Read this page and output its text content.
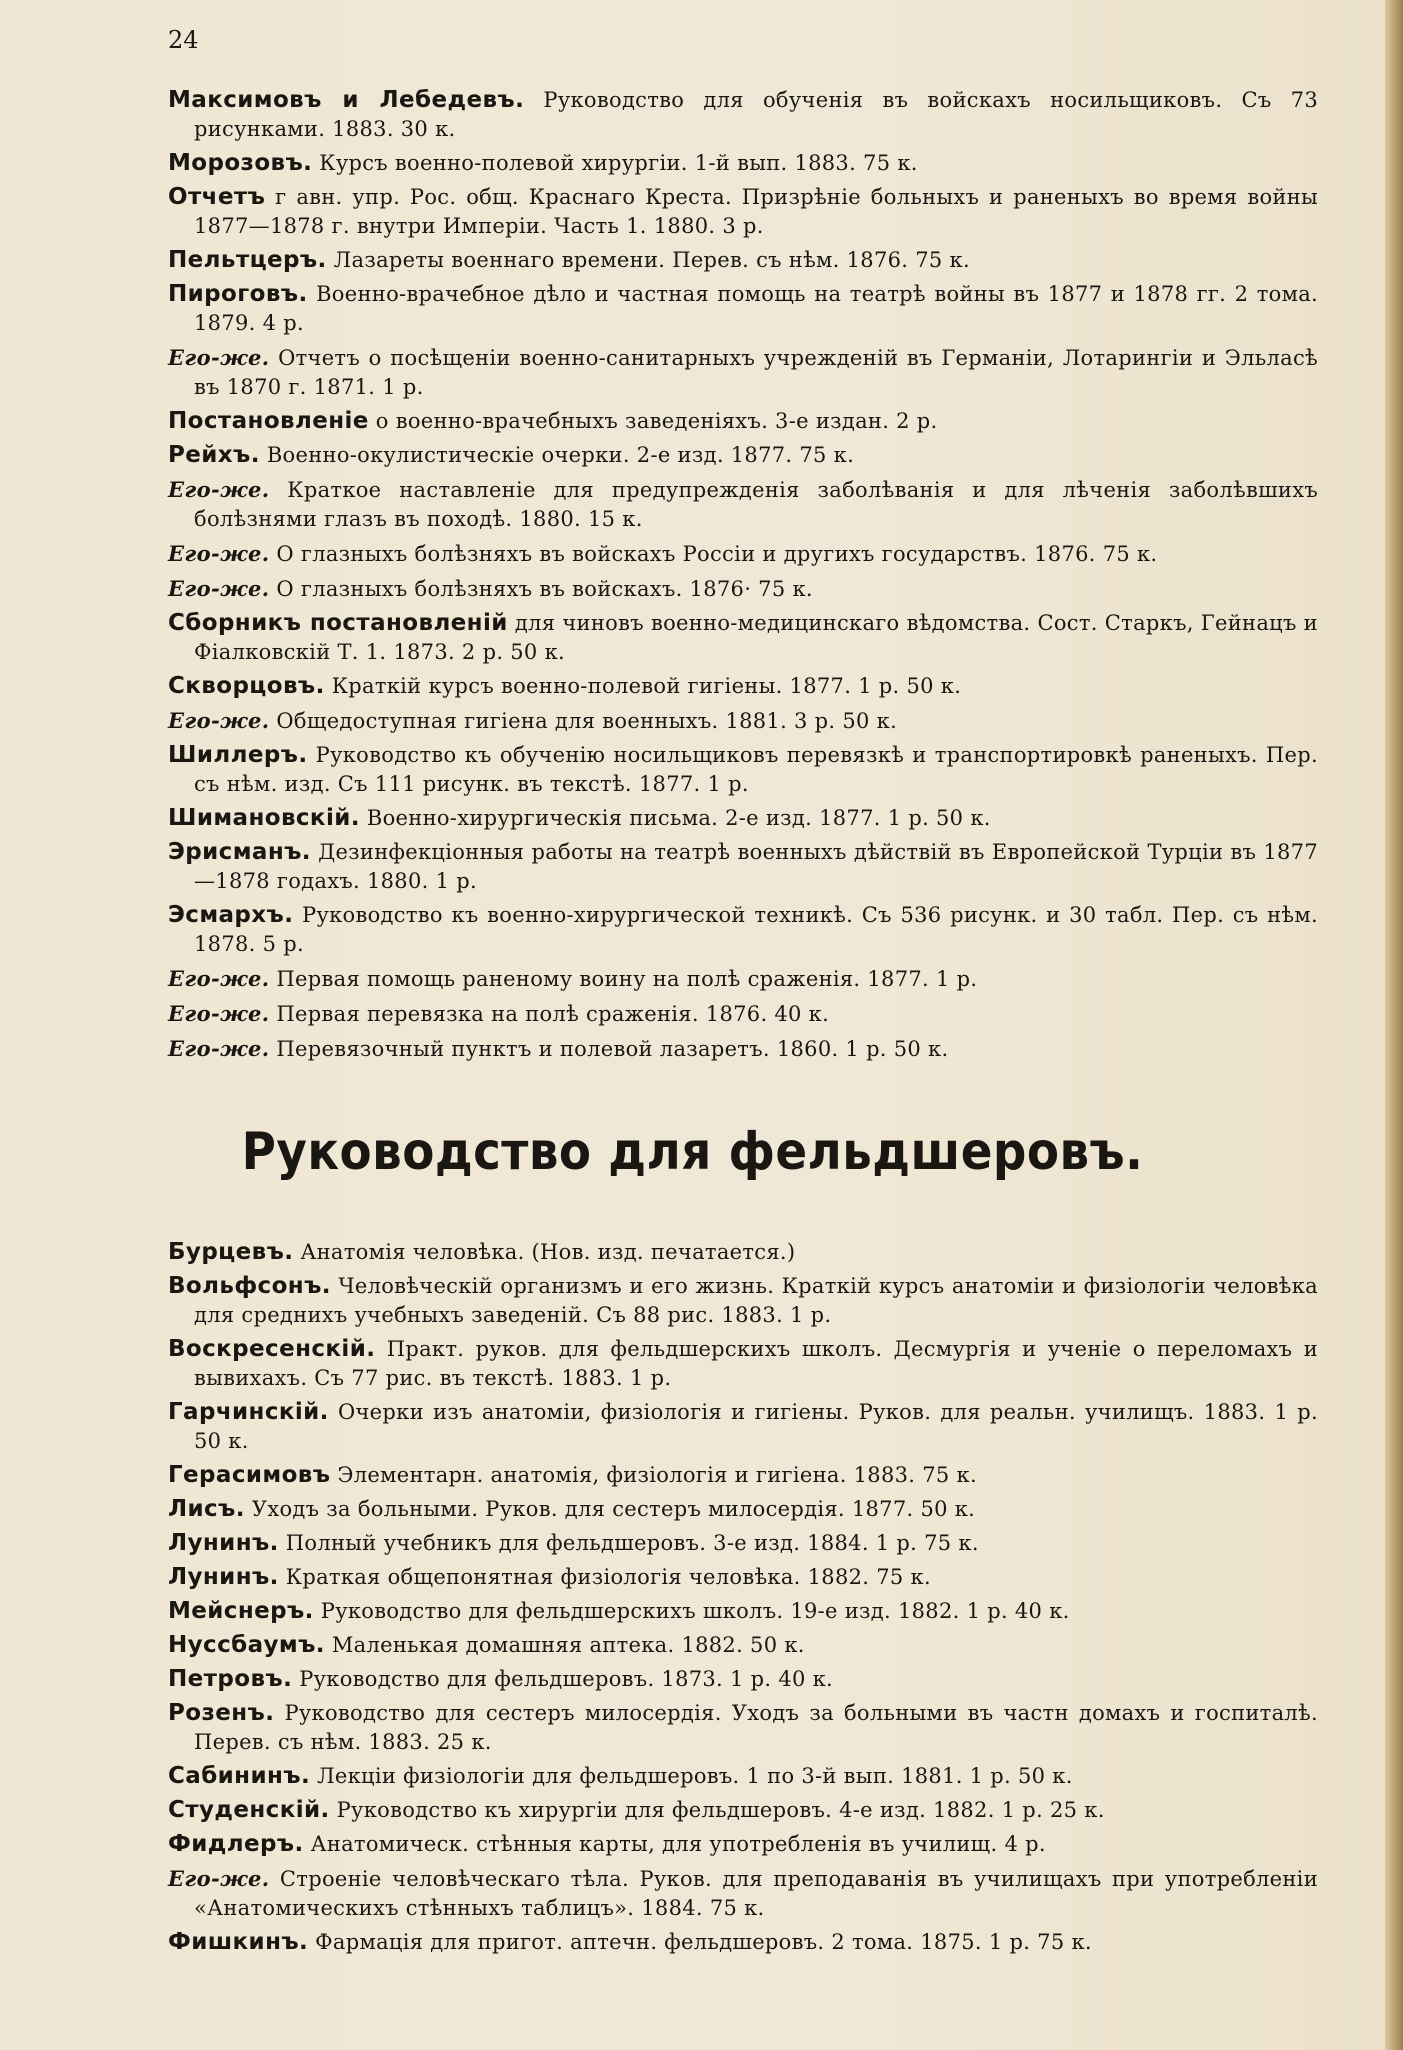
24

Максимовъ и Лебедевъ. Руководство для обученія въ войскахъ носильщиковъ. Съ 73 рисунками. 1883. 30 к.

Морозовъ. Курсъ военно-полевой хирургіи. 1-й вып. 1883. 75 к.

Отчетъ г авн. упр. Рос. общ. Краснаго Креста. Призрѣніе больныхъ и раненыхъ во время войны 1877—1878 г. внутри Имперіи. Часть 1. 1880. 3 р.

Пельтцеръ. Лазареты военнаго времени. Перев. съ нѣм. 1876. 75 к.

Пироговъ. Военно-врачебное дѣло и частная помощь на театрѣ войны въ 1877 и 1878 гг. 2 тома. 1879. 4 р.

Его-же. Отчетъ о посѣщеніи военно-санитарныхъ учрежденій въ Германіи, Лотарингіи и Эльласѣ въ 1870 г. 1871. 1 р.

Постановленіе о военно-врачебныхъ заведеніяхъ. 3-е издан. 2 р.

Рейхъ. Военно-окулистическіе очерки. 2-е изд. 1877. 75 к.

Его-же. Краткое наставленіе для предупрежденія заболѣванія и для лѣченія заболѣвшихъ болѣзнями глазъ въ походѣ. 1880. 15 к.

Его-же. О глазныхъ болѣзняхъ въ войскахъ Россіи и другихъ государствъ. 1876. 75 к.

Его-же. О глазныхъ болѣзняхъ въ войскахъ. 1876· 75 к.

Сборникъ постановленій для чиновъ военно-медицинскаго вѣдомства. Сост. Старкъ, Гейнацъ и Фіалковскій Т. 1. 1873. 2 р. 50 к.

Скворцовъ. Краткій курсъ военно-полевой гигіены. 1877. 1 р. 50 к.

Его-же. Общедоступная гигіена для военныхъ. 1881. 3 р. 50 к.

Шиллеръ. Руководство къ обученію носильщиковъ перевязкѣ и транспортировкѣ раненыхъ. Пер. съ нѣм. изд. Съ 111 рисунк. въ текстѣ. 1877. 1 р.

Шимановскій. Военно-хирургическія письма. 2-е изд. 1877. 1 р. 50 к.

Эрисманъ. Дезинфекціонныя работы на театрѣ военныхъ дѣйствій въ Европейской Турціи въ 1877—1878 годахъ. 1880. 1 р.

Эсмархъ. Руководство къ военно-хирургической техникѣ. Съ 536 рисунк. и 30 табл. Пер. съ нѣм. 1878. 5 р.

Его-же. Первая помощь раненому воину на полѣ сраженія. 1877. 1 р.

Его-же. Первая перевязка на полѣ сраженія. 1876. 40 к.

Его-же. Перевязочный пунктъ и полевой лазаретъ. 1860. 1 р. 50 к.

Руководство для фельдшеровъ.

Бурцевъ. Анатомія человѣка. (Нов. изд. печатается.)

Вольфсонъ. Человѣческій организмъ и его жизнь. Краткій курсъ анатоміи и физіологіи человѣка для среднихъ учебныхъ заведеній. Съ 88 рис. 1883. 1 р.

Воскресенскій. Практ. руков. для фельдшерскихъ школъ. Десмургія и ученіе о переломахъ и вывихахъ. Съ 77 рис. въ текстѣ. 1883. 1 р.

Гарчинскій. Очерки изъ анатоміи, физіологія и гигіены. Руков. для реальн. училищъ. 1883. 1 р. 50 к.

Герасимовъ Элементарн. анатомія, физіологія и гигіена. 1883. 75 к.

Лисъ. Уходъ за больными. Руков. для сестеръ милосердія. 1877. 50 к.

Лунинъ. Полный учебникъ для фельдшеровъ. 3-е изд. 1884. 1 р. 75 к.

Лунинъ. Краткая общепонятная физіологія человѣка. 1882. 75 к.

Мейснеръ. Руководство для фельдшерскихъ школъ. 19-е изд. 1882. 1 р. 40 к.

Нуссбаумъ. Маленькая домашняя аптека. 1882. 50 к.

Петровъ. Руководство для фельдшеровъ. 1873. 1 р. 40 к.

Розенъ. Руководство для сестеръ милосердія. Уходъ за больными въ частн домахъ и госпиталѣ. Перев. съ нѣм. 1883. 25 к.

Сабининъ. Лекціи физіологіи для фельдшеровъ. 1 по 3-й вып. 1881. 1 р. 50 к.

Студенскій. Руководство къ хирургіи для фельдшеровъ. 4-е изд. 1882. 1 р. 25 к.

Фидлеръ. Анатомическ. стѣнныя карты, для употребленія въ училищ. 4 р.

Его-же. Строеніе человѣческаго тѣла. Руков. для преподаванія въ училищахъ при употребленіи «Анатомическихъ стѣнныхъ таблицъ». 1884. 75 к.

Фишкинъ. Фармація для пригот. аптечн. фельдшеровъ. 2 тома. 1875. 1 р. 75 к.
